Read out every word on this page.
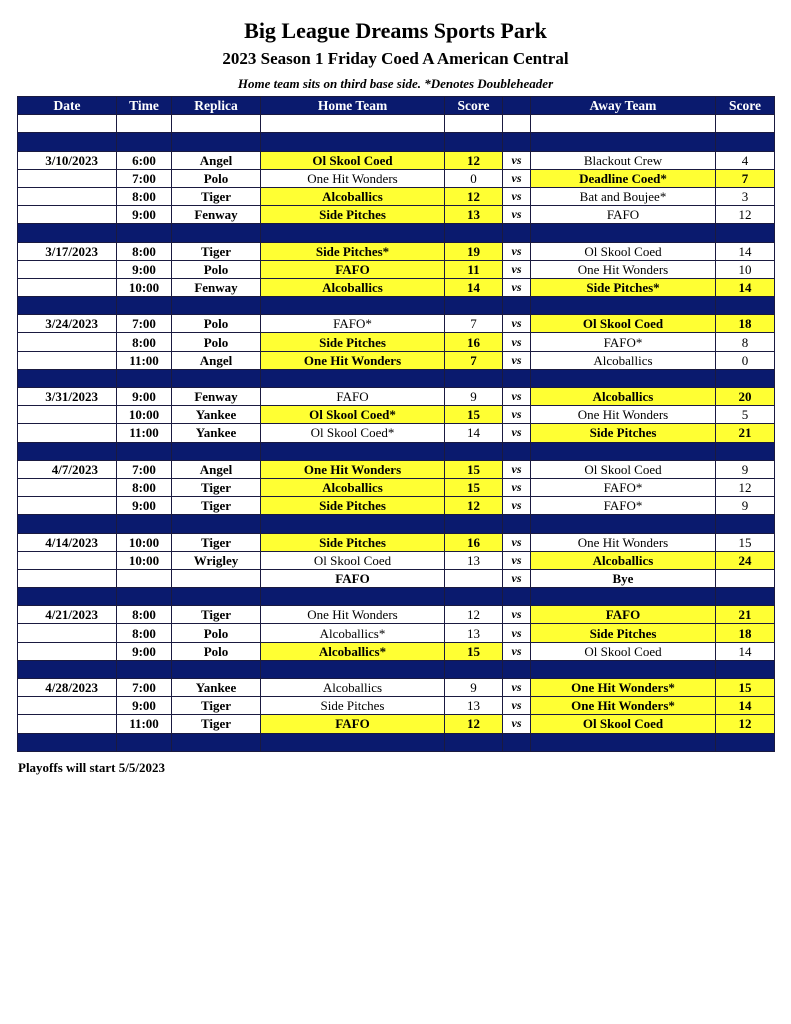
Big League Dreams Sports Park
2023 Season 1 Friday Coed A American Central
Home team sits on third base side. *Denotes Doubleheader
Date	Time	Replica	Home Team	Score		Away Team	Score

3/10/2023	6:00	Angel	Ol Skool Coed	12	vs	Blackout Crew	4
	7:00	Polo	One Hit Wonders	0	vs	Deadline Coed*	7
	8:00	Tiger	Alcoballics	12	vs	Bat and Boujee*	3
	9:00	Fenway	Side Pitches	13	vs	FAFO	12

3/17/2023	8:00	Tiger	Side Pitches*	19	vs	Ol Skool Coed	14
	9:00	Polo	FAFO	11	vs	One Hit Wonders	10
	10:00	Fenway	Alcoballics	14	vs	Side Pitches*	14

3/24/2023	7:00	Polo	FAFO*	7	vs	Ol Skool Coed	18
	8:00	Polo	Side Pitches	16	vs	FAFO*	8
	11:00	Angel	One Hit Wonders	7	vs	Alcoballics	0

3/31/2023	9:00	Fenway	FAFO	9	vs	Alcoballics	20
	10:00	Yankee	Ol Skool Coed*	15	vs	One Hit Wonders	5
	11:00	Yankee	Ol Skool Coed*	14	vs	Side Pitches	21

4/7/2023	7:00	Angel	One Hit Wonders	15	vs	Ol Skool Coed	9
	8:00	Tiger	Alcoballics	15	vs	FAFO*	12
	9:00	Tiger	Side Pitches	12	vs	FAFO*	9

4/14/2023	10:00	Tiger	Side Pitches	16	vs	One Hit Wonders	15
	10:00	Wrigley	Ol Skool Coed	13	vs	Alcoballics	24
			FAFO		vs	Bye	

4/21/2023	8:00	Tiger	One Hit Wonders	12	vs	FAFO	21
	8:00	Polo	Alcoballics*	13	vs	Side Pitches	18
	9:00	Polo	Alcoballics*	15	vs	Ol Skool Coed	14

4/28/2023	7:00	Yankee	Alcoballics	9	vs	One Hit Wonders*	15
	9:00	Tiger	Side Pitches	13	vs	One Hit Wonders*	14
	11:00	Tiger	FAFO	12	vs	Ol Skool Coed	12

Playoffs will start 5/5/2023
